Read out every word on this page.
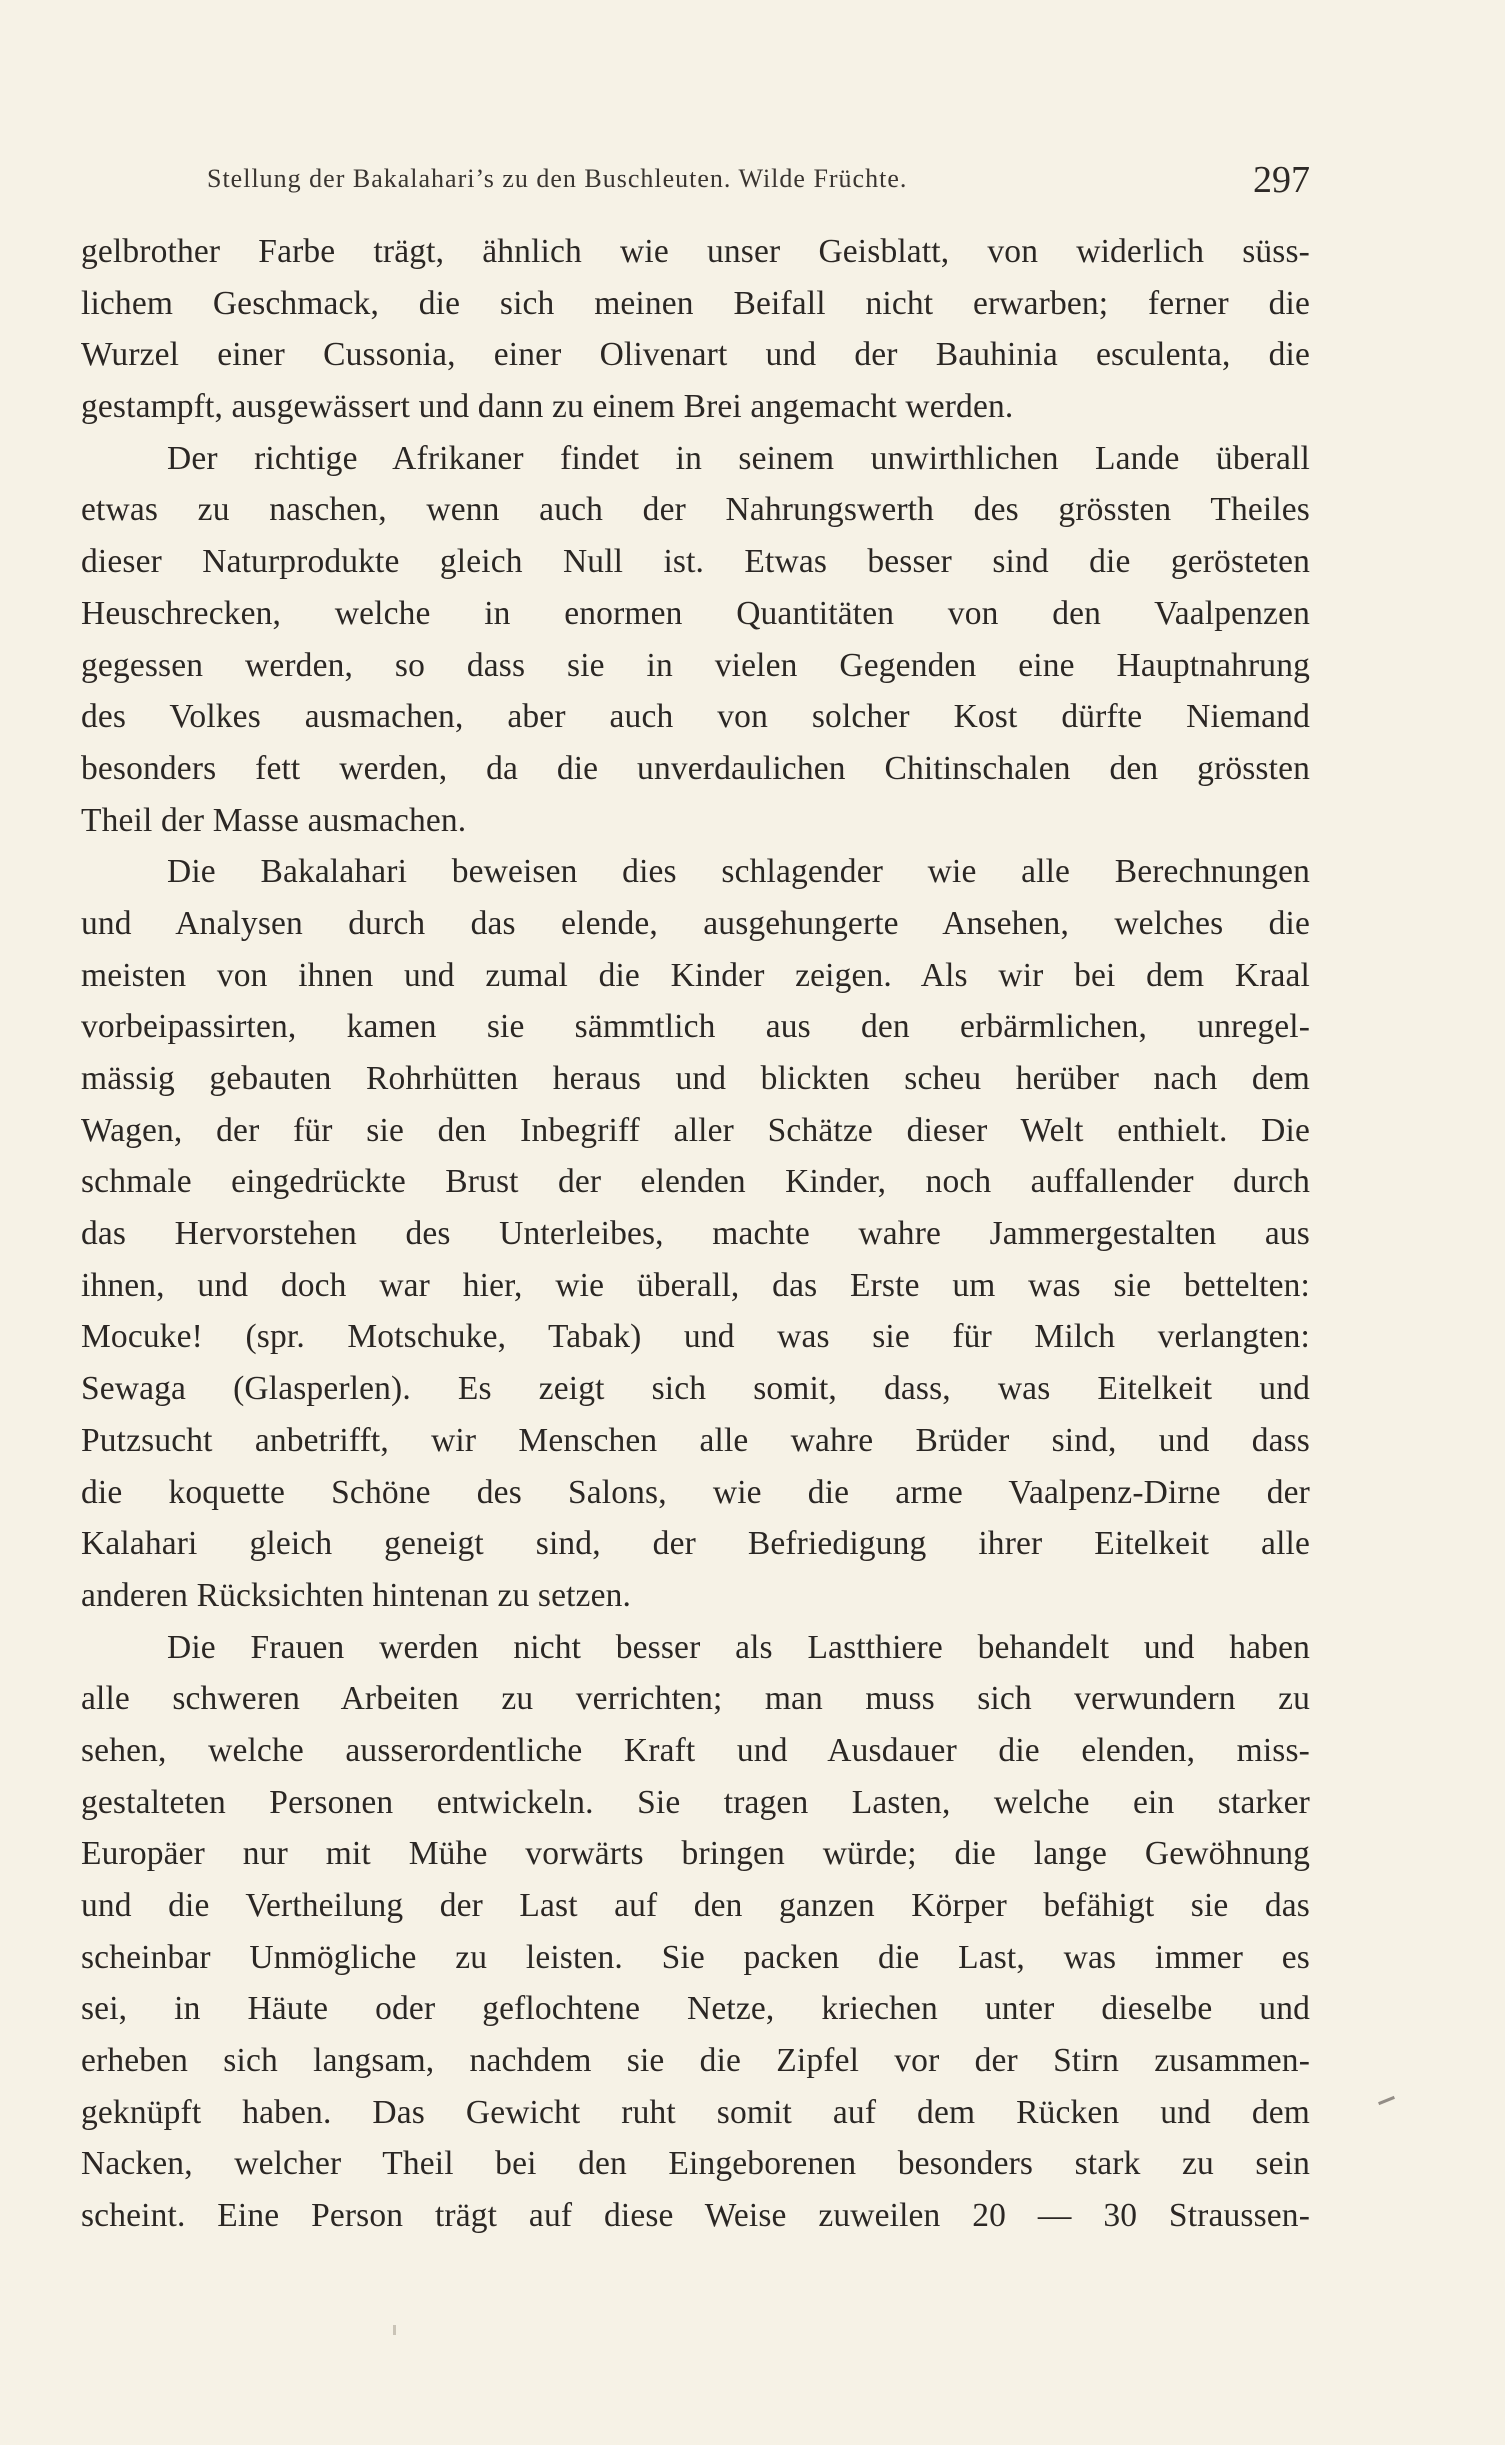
Stellung der Bakalahari’s zu den Buschleuten. Wilde Früchte.	297
gelbrother Farbe trägt, ähnlich wie unser Geisblatt, von widerlich süss-
lichem Geschmack, die sich meinen Beifall nicht erwarben; ferner die
Wurzel einer Cussonia, einer Olivenart und der Bauhinia esculenta, die
gestampft, ausgewässert und dann zu einem Brei angemacht werden.
Der richtige Afrikaner findet in seinem unwirthlichen Lande überall
etwas zu naschen, wenn auch der Nahrungswerth des grössten Theiles
dieser Naturprodukte gleich Null ist. Etwas besser sind die gerösteten
Heuschrecken, welche in enormen Quantitäten von den Vaalpenzen
gegessen werden, so dass sie in vielen Gegenden eine Hauptnahrung
des Volkes ausmachen, aber auch von solcher Kost dürfte Niemand
besonders fett werden, da die unverdaulichen Chitinschalen den grössten
Theil der Masse ausmachen.
Die Bakalahari beweisen dies schlagender wie alle Berechnungen
und Analysen durch das elende, ausgehungerte Ansehen, welches die
meisten von ihnen und zumal die Kinder zeigen. Als wir bei dem Kraal
vorbeipassirten, kamen sie sämmtlich aus den erbärmlichen, unregel-
mässig gebauten Rohrhütten heraus und blickten scheu herüber nach dem
Wagen, der für sie den Inbegriff aller Schätze dieser Welt enthielt. Die
schmale eingedrückte Brust der elenden Kinder, noch auffallender durch
das Hervorstehen des Unterleibes, machte wahre Jammergestalten aus
ihnen, und doch war hier, wie überall, das Erste um was sie bettelten:
Mocuke! (spr. Motschuke, Tabak) und was sie für Milch verlangten:
Sewaga (Glasperlen). Es zeigt sich somit, dass, was Eitelkeit und
Putzsucht anbetrifft, wir Menschen alle wahre Brüder sind, und dass
die koquette Schöne des Salons, wie die arme Vaalpenz-Dirne der
Kalahari gleich geneigt sind, der Befriedigung ihrer Eitelkeit alle
anderen Rücksichten hintenan zu setzen.
Die Frauen werden nicht besser als Lastthiere behandelt und haben
alle schweren Arbeiten zu verrichten; man muss sich verwundern zu
sehen, welche ausserordentliche Kraft und Ausdauer die elenden, miss-
gestalteten Personen entwickeln. Sie tragen Lasten, welche ein starker
Europäer nur mit Mühe vorwärts bringen würde; die lange Gewöhnung
und die Vertheilung der Last auf den ganzen Körper befähigt sie das
scheinbar Unmögliche zu leisten. Sie packen die Last, was immer es
sei, in Häute oder geflochtene Netze, kriechen unter dieselbe und
erheben sich langsam, nachdem sie die Zipfel vor der Stirn zusammen-
geknüpft haben. Das Gewicht ruht somit auf dem Rücken und dem
Nacken, welcher Theil bei den Eingeborenen besonders stark zu sein
scheint. Eine Person trägt auf diese Weise zuweilen 20 — 30 Straussen-
